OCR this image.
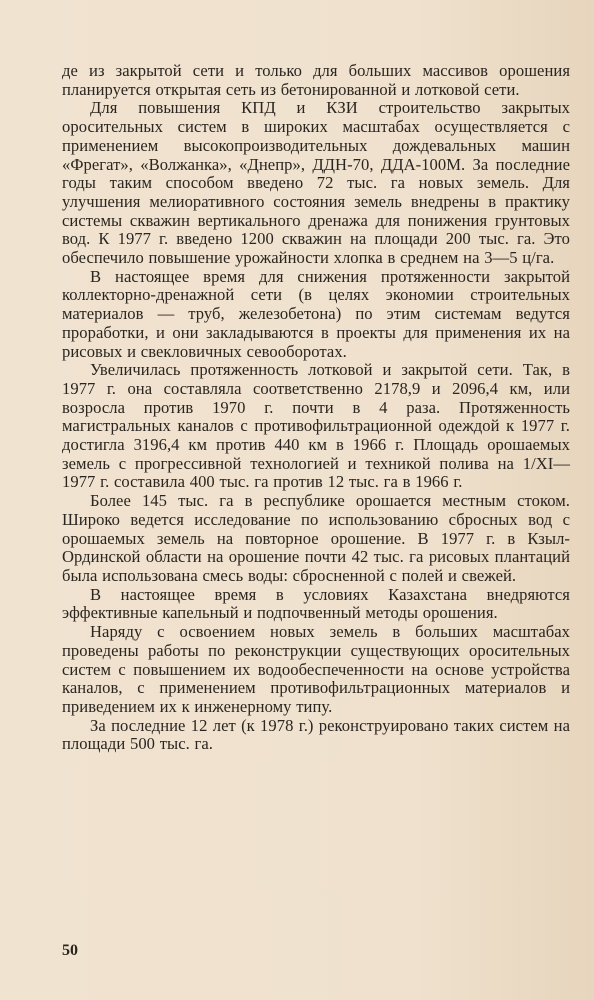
де из закрытой сети и только для больших массивов орошения планируется открытая сеть из бетонированной и лотковой сети.

Для повышения КПД и КЗИ строительство закрытых оросительных систем в широких масштабах осуществляется с применением высокопроизводительных дождевальных машин «Фрегат», «Волжанка», «Днепр», ДДН-70, ДДА-100М. За последние годы таким способом введено 72 тыс. га новых земель. Для улучшения мелиоративного состояния земель внедрены в практику системы скважин вертикального дренажа для понижения грунтовых вод. К 1977 г. введено 1200 скважин на площади 200 тыс. га. Это обеспечило повышение урожайности хлопка в среднем на 3—5 ц/га.

В настоящее время для снижения протяженности закрытой коллекторно-дренажной сети (в целях экономии строительных материалов — труб, железобетона) по этим системам ведутся проработки, и они закладываются в проекты для применения их на рисовых и свекловичных севооборотах.

Увеличилась протяженность лотковой и закрытой сети. Так, в 1977 г. она составляла соответственно 2178,9 и 2096,4 км, или возросла против 1970 г. почти в 4 раза. Протяженность магистральных каналов с противофильтрационной одеждой к 1977 г. достигла 3196,4 км против 440 км в 1966 г. Площадь орошаемых земель с прогрессивной технологией и техникой полива на 1/XI—1977 г. составила 400 тыс. га против 12 тыс. га в 1966 г.

Более 145 тыс. га в республике орошается местным стоком. Широко ведется исследование по использованию сбросных вод с орошаемых земель на повторное орошение. В 1977 г. в Кзыл-Ординской области на орошение почти 42 тыс. га рисовых плантаций была использована смесь воды: сбросненной с полей и свежей.

В настоящее время в условиях Казахстана внедряются эффективные капельный и подпочвенный методы орошения.

Наряду с освоением новых земель в больших масштабах проведены работы по реконструкции существующих оросительных систем с повышением их водообеспеченности на основе устройства каналов, с применением противофильтрационных материалов и приведением их к инженерному типу.

За последние 12 лет (к 1978 г.) реконструировано таких систем на площади 500 тыс. га.

50
